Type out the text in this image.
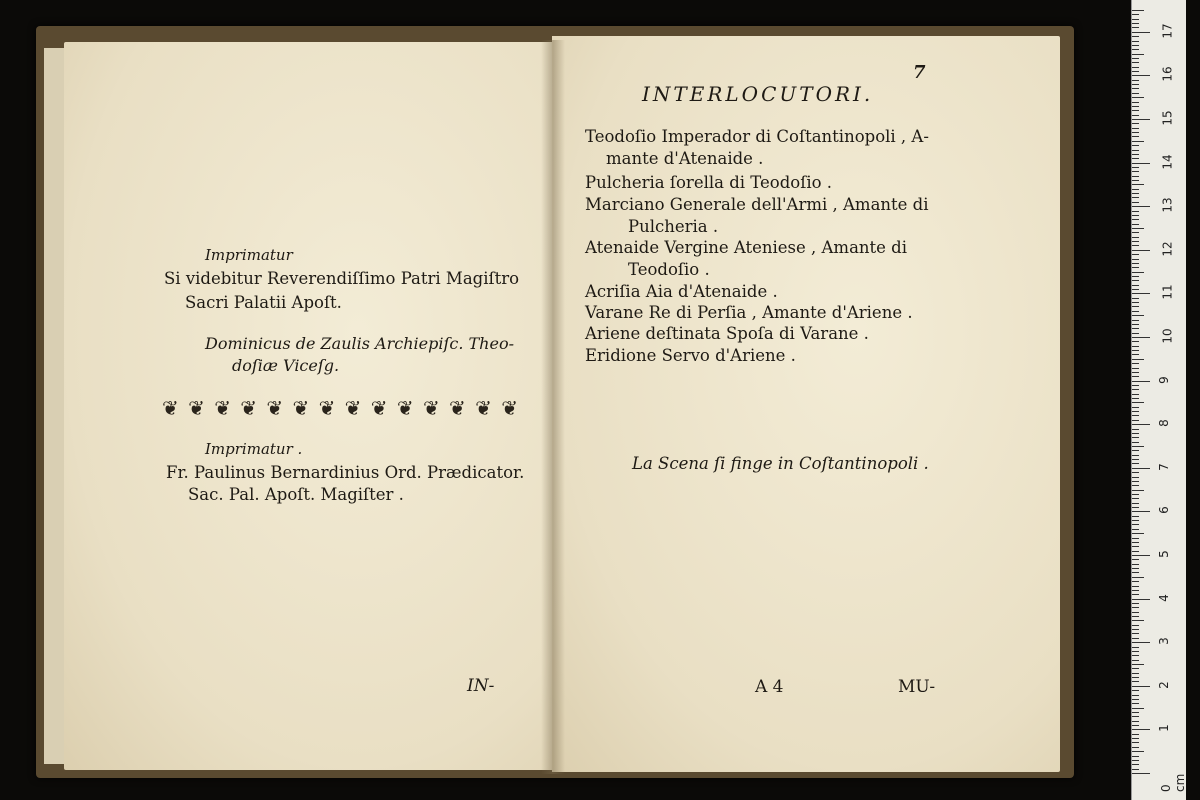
Imprimatur
Si videbitur Reverendiſſimo Patri Magiſtro
Sacri Palatii Apoſt.
Dominicus de Zaulis Archiepiſc. Theo-
doſiæ Viceſg.
❦ ❦ ❦ ❦ ❦ ❦ ❦ ❦ ❦ ❦ ❦ ❦ ❦ ❦
Imprimatur .
Fr. Paulinus Bernardinius Ord. Prædicator.
Sac. Pal. Apoſt. Magiſter .
IN-
7
INTERLOCUTORI.
Teodoſio Imperador di Coſtantinopoli , A-
mante d'Atenaide .
Pulcheria ſorella di Teodoſio .
Marciano Generale dell'Armi , Amante di
Pulcheria .
Atenaide Vergine Ateniese , Amante di
Teodoſio .
Acriſia Aia d'Atenaide .
Varane Re di Perſia , Amante d'Ariene .
Ariene deſtinata Spoſa di Varane .
Eridione Servo d'Ariene .
La Scena ſi finge in Coſtantinopoli .
A 4	MU-
0 cm
1
2
3
4
5
6
7
8
9
10
11
12
13
14
15
16
17
